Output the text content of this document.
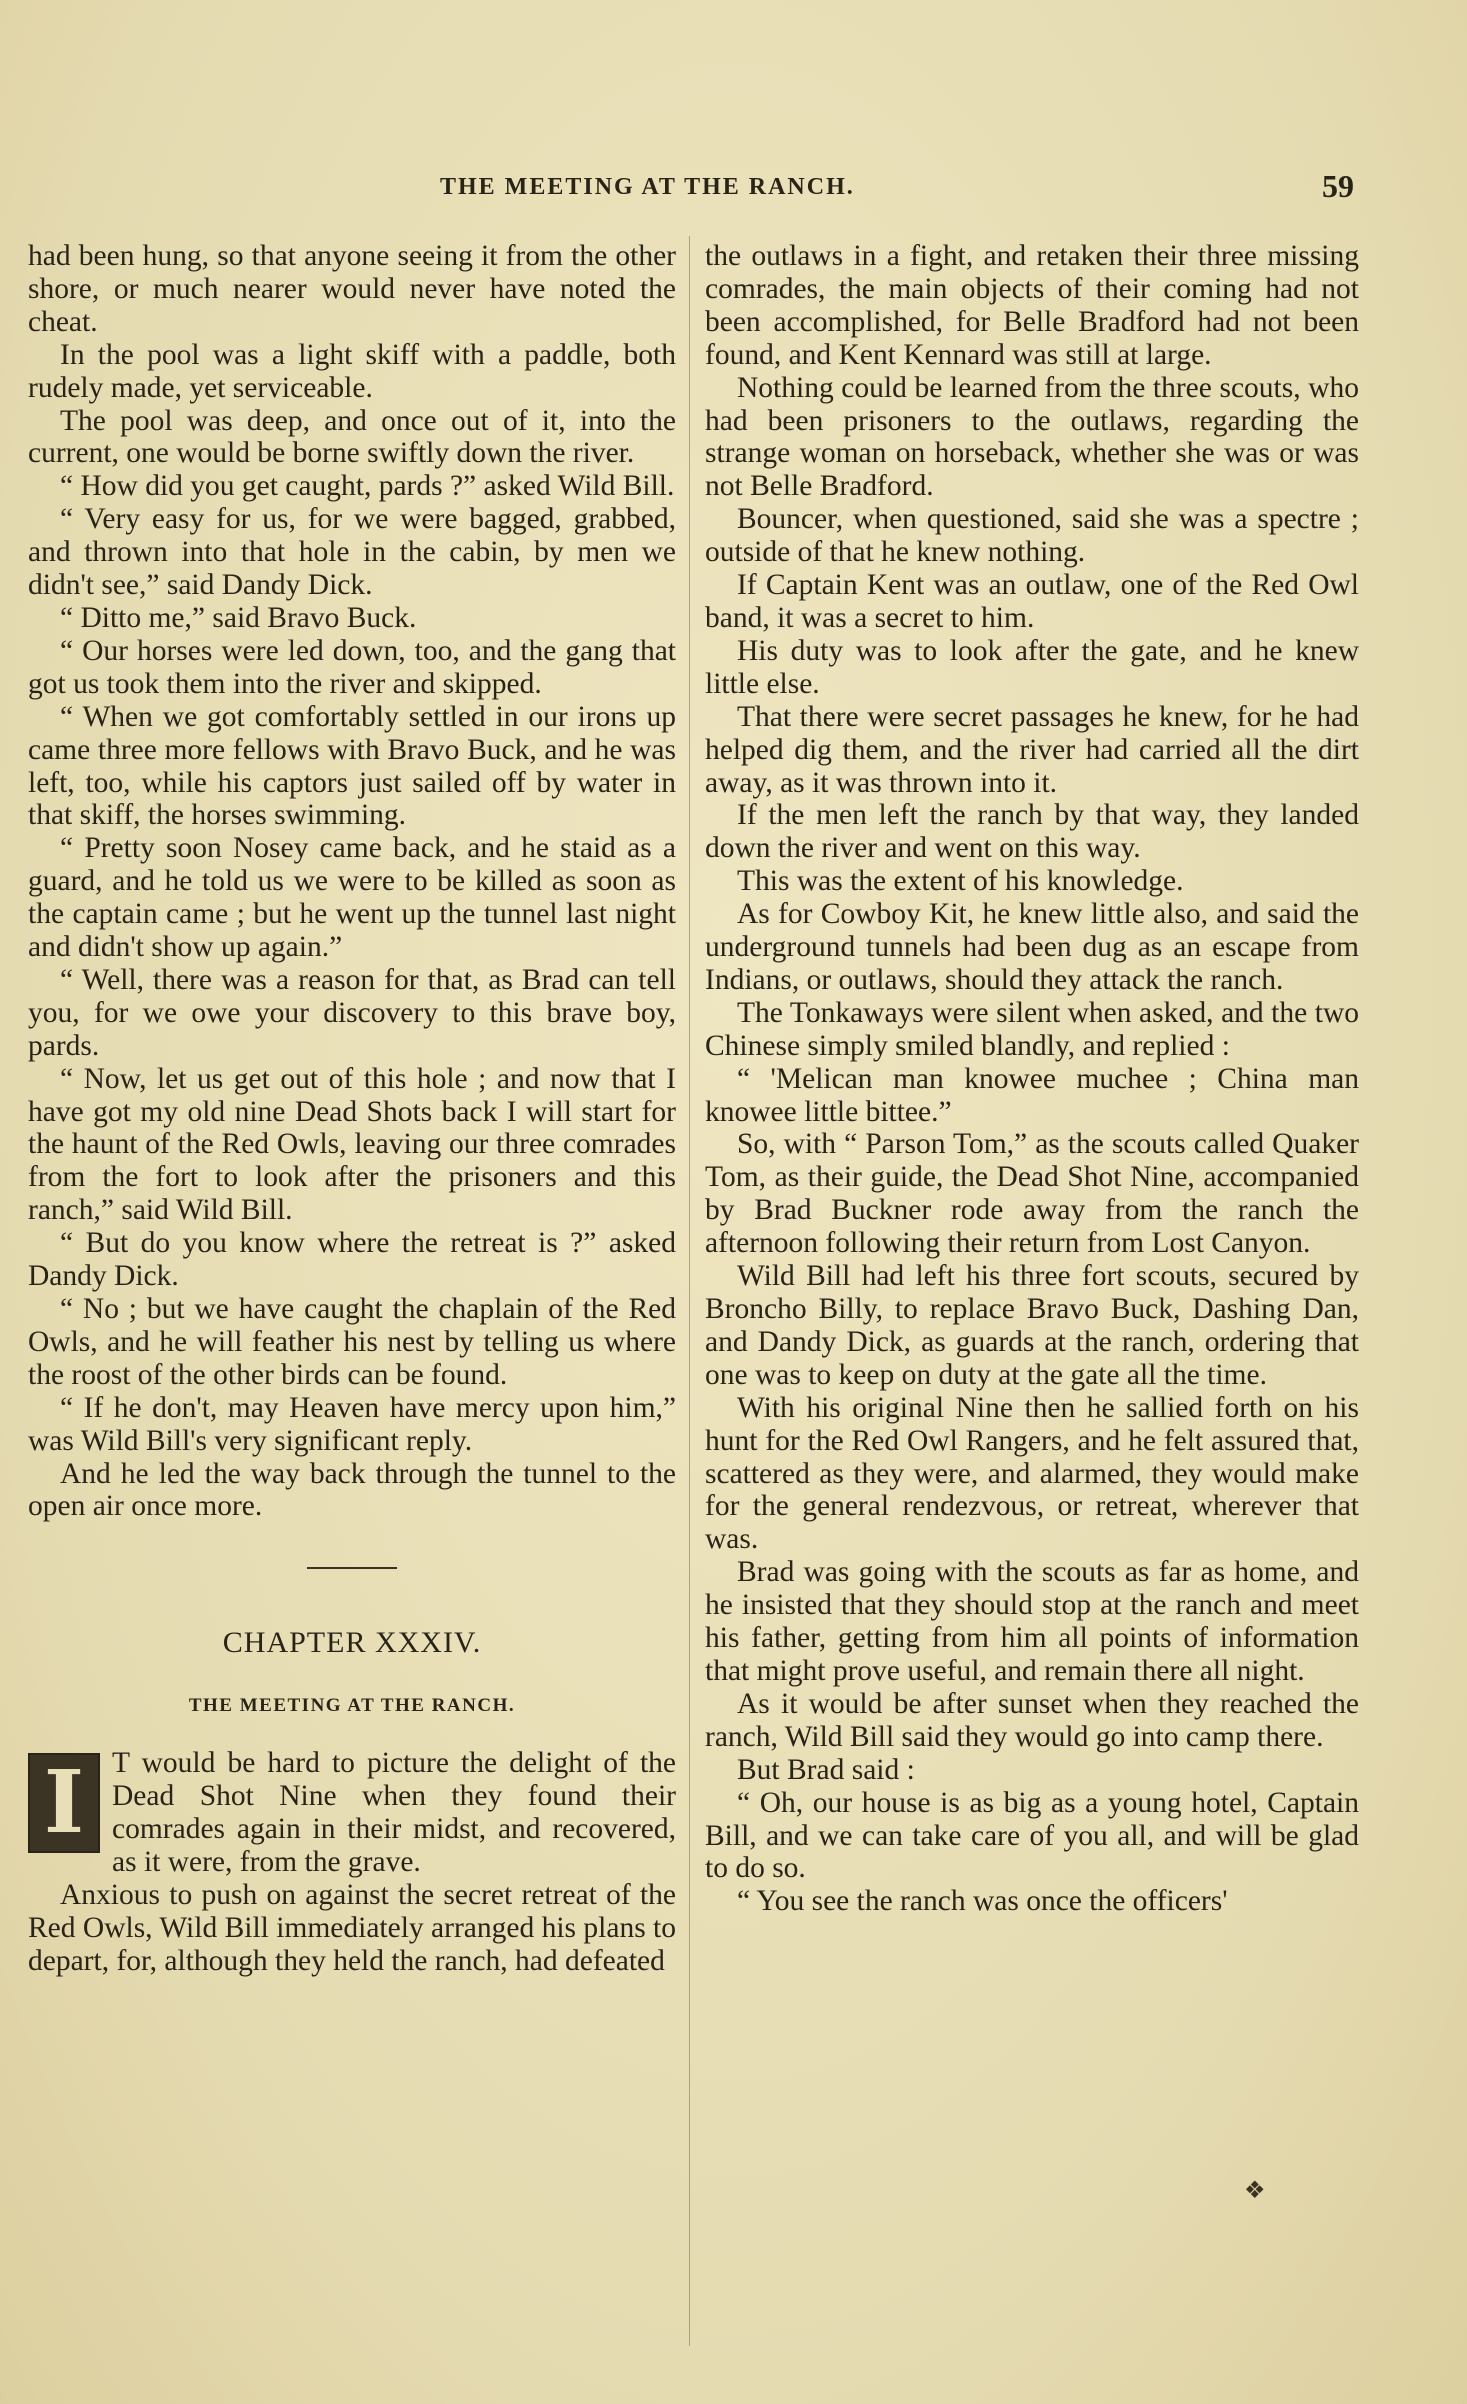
THE MEETING AT THE RANCH.	59

had been hung, so that anyone seeing it from the other shore, or much nearer would never have noted the cheat.

In the pool was a light skiff with a paddle, both rudely made, yet serviceable.

The pool was deep, and once out of it, into the current, one would be borne swiftly down the river.

“ How did you get caught, pards ?” asked Wild Bill.

“ Very easy for us, for we were bagged, grabbed, and thrown into that hole in the cabin, by men we didn't see,” said Dandy Dick.

“ Ditto me,” said Bravo Buck.

“ Our horses were led down, too, and the gang that got us took them into the river and skipped.

“ When we got comfortably settled in our irons up came three more fellows with Bravo Buck, and he was left, too, while his captors just sailed off by water in that skiff, the horses swimming.

“ Pretty soon Nosey came back, and he staid as a guard, and he told us we were to be killed as soon as the captain came ; but he went up the tunnel last night and didn't show up again.”

“ Well, there was a reason for that, as Brad can tell you, for we owe your discovery to this brave boy, pards.

“ Now, let us get out of this hole ; and now that I have got my old nine Dead Shots back I will start for the haunt of the Red Owls, leaving our three comrades from the fort to look after the prisoners and this ranch,” said Wild Bill.

“ But do you know where the retreat is ?” asked Dandy Dick.

“ No ; but we have caught the chaplain of the Red Owls, and he will feather his nest by telling us where the roost of the other birds can be found.

“ If he don't, may Heaven have mercy upon him,” was Wild Bill's very significant reply.

And he led the way back through the tunnel to the open air once more.

CHAPTER XXXIV.
THE MEETING AT THE RANCH.

I T would be hard to picture the delight of the Dead Shot Nine when they found their comrades again in their midst, and recovered, as it were, from the grave.

Anxious to push on against the secret retreat of the Red Owls, Wild Bill immediately arranged his plans to depart, for, although they held the ranch, had defeated

the outlaws in a fight, and retaken their three missing comrades, the main objects of their coming had not been accomplished, for Belle Bradford had not been found, and Kent Kennard was still at large.

Nothing could be learned from the three scouts, who had been prisoners to the outlaws, regarding the strange woman on horseback, whether she was or was not Belle Bradford.

Bouncer, when questioned, said she was a spectre ; outside of that he knew nothing.

If Captain Kent was an outlaw, one of the Red Owl band, it was a secret to him.

His duty was to look after the gate, and he knew little else.

That there were secret passages he knew, for he had helped dig them, and the river had carried all the dirt away, as it was thrown into it.

If the men left the ranch by that way, they landed down the river and went on this way.

This was the extent of his knowledge.

As for Cowboy Kit, he knew little also, and said the underground tunnels had been dug as an escape from Indians, or outlaws, should they attack the ranch.

The Tonkaways were silent when asked, and the two Chinese simply smiled blandly, and replied :

“ 'Melican man knowee muchee ; China man knowee little bittee.”

So, with “ Parson Tom,” as the scouts called Quaker Tom, as their guide, the Dead Shot Nine, accompanied by Brad Buckner rode away from the ranch the afternoon following their return from Lost Canyon.

Wild Bill had left his three fort scouts, secured by Broncho Billy, to replace Bravo Buck, Dashing Dan, and Dandy Dick, as guards at the ranch, ordering that one was to keep on duty at the gate all the time.

With his original Nine then he sallied forth on his hunt for the Red Owl Rangers, and he felt assured that, scattered as they were, and alarmed, they would make for the general rendezvous, or retreat, wherever that was.

Brad was going with the scouts as far as home, and he insisted that they should stop at the ranch and meet his father, getting from him all points of information that might prove useful, and remain there all night.

As it would be after sunset when they reached the ranch, Wild Bill said they would go into camp there.

But Brad said :

“ Oh, our house is as big as a young hotel, Captain Bill, and we can take care of you all, and will be glad to do so.

“ You see the ranch was once the officers'

❖
